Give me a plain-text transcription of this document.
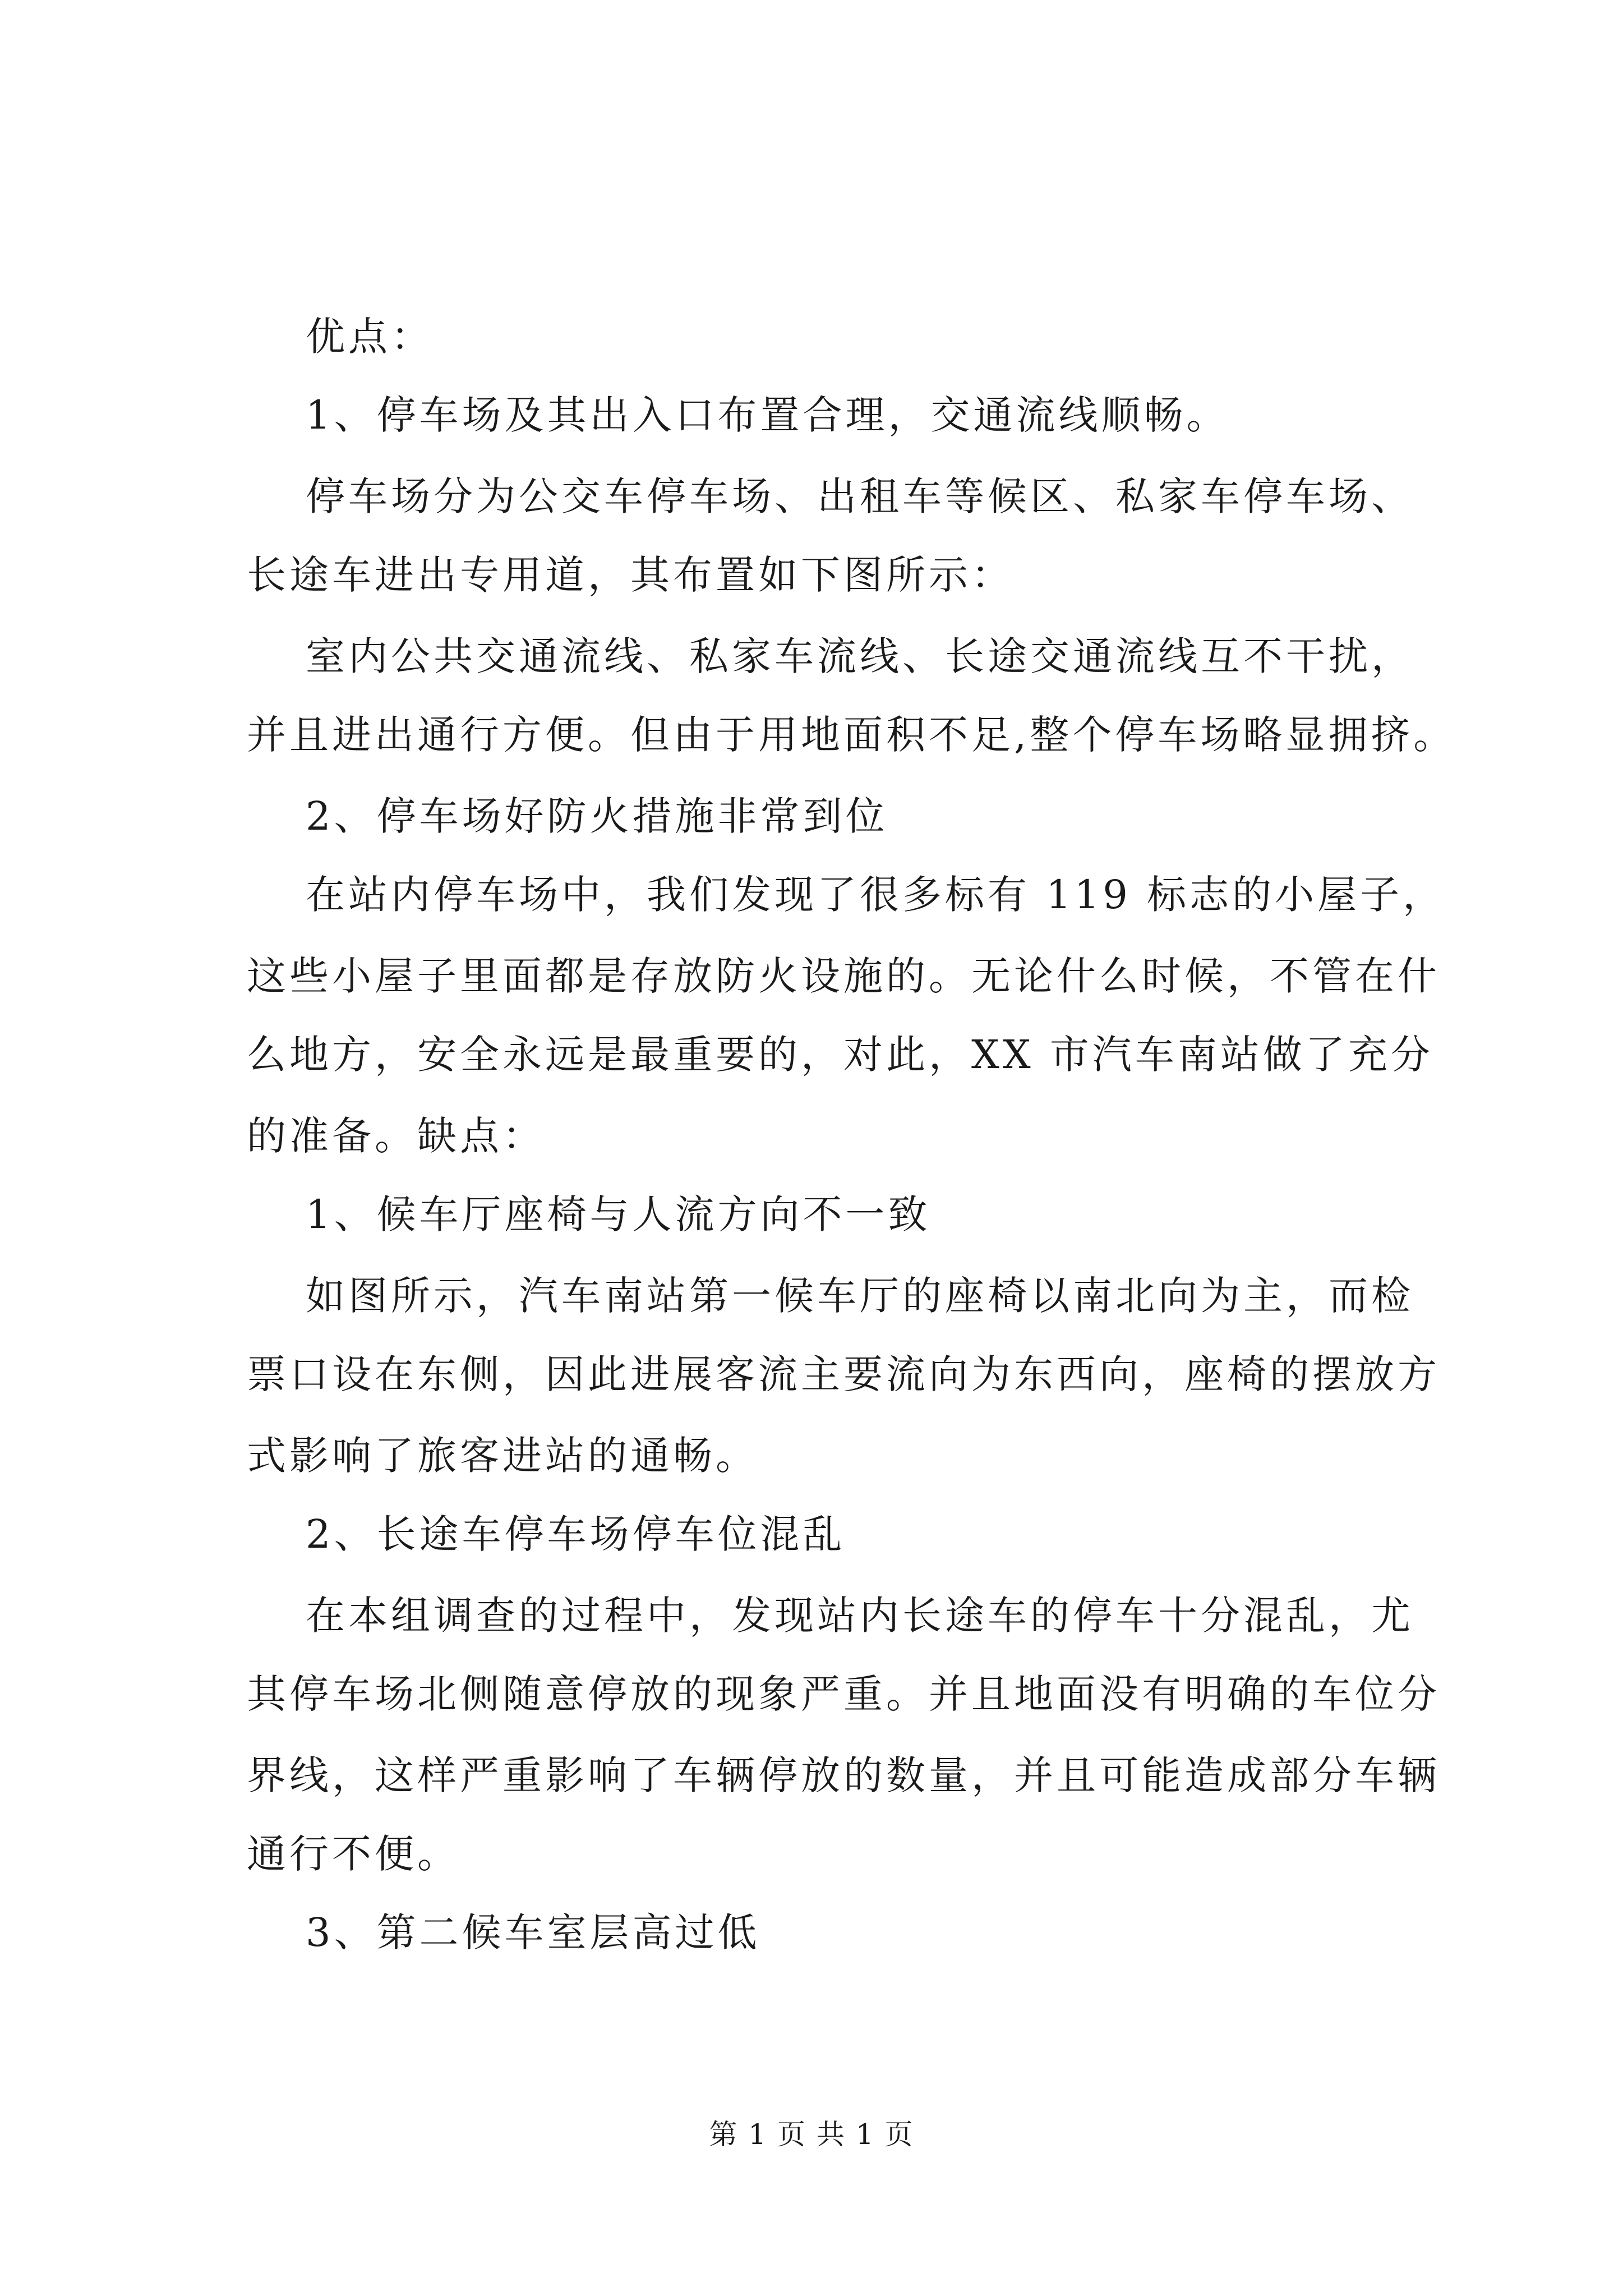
优点：
1、停车场及其出入口布置合理，交通流线顺畅。
停车场分为公交车停车场、出租车等候区、私家车停车场、
长途车进出专用道，其布置如下图所示：
室内公共交通流线、私家车流线、长途交通流线互不干扰，
并且进出通行方便。但由于用地面积不足,整个停车场略显拥挤。
2、停车场好防火措施非常到位
在站内停车场中，我们发现了很多标有 119 标志的小屋子，
这些小屋子里面都是存放防火设施的。无论什么时候，不管在什
么地方，安全永远是最重要的，对此，XX 市汽车南站做了充分
的准备。缺点：
1、候车厅座椅与人流方向不一致
如图所示，汽车南站第一候车厅的座椅以南北向为主，而检
票口设在东侧，因此进展客流主要流向为东西向，座椅的摆放方
式影响了旅客进站的通畅。
2、长途车停车场停车位混乱
在本组调查的过程中，发现站内长途车的停车十分混乱，尤
其停车场北侧随意停放的现象严重。并且地面没有明确的车位分
界线，这样严重影响了车辆停放的数量，并且可能造成部分车辆
通行不便。
3、第二候车室层高过低
第 1 页 共 1 页
